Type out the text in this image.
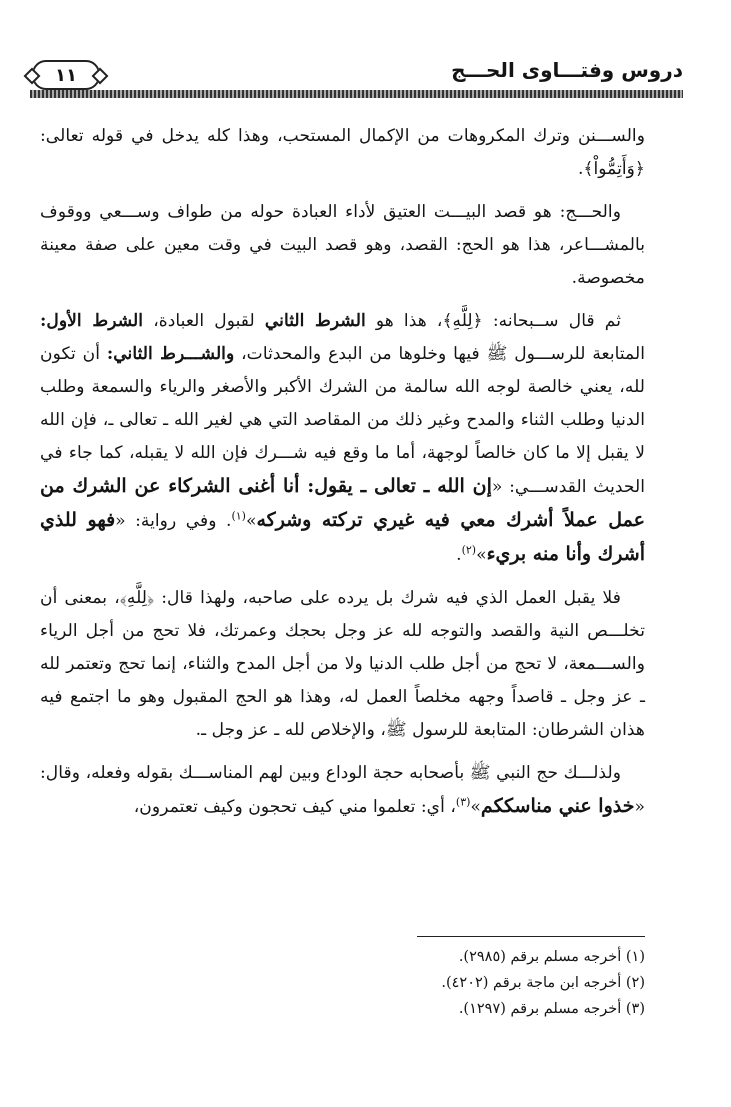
دروس وفتـــاوى الحـــج
١١

والســـنن وترك المكروهات من الإكمال المستحب، وهذا كله يدخل في قوله تعالى: ﴿وَأَتِمُّواْ﴾.

والحـــج: هو قصد البيـــت العتيق لأداء العبادة حوله من طواف وســـعي ووقوف بالمشـــاعر، هذا هو الحج: القصد، وهو قصد البيت في وقت معين على صفة معينة مخصوصة.

ثم قال ســبحانه: ﴿لِلَّهِ﴾، هذا هو الشرط الثاني لقبول العبادة، الشرط الأول: المتابعة للرســـول ﷺ فيها وخلوها من البدع والمحدثات، والشـــرط الثاني: أن تكون لله، يعني خالصة لوجه الله سالمة من الشرك الأكبر والأصغر والرياء والسمعة وطلب الدنيا وطلب الثناء والمدح وغير ذلك من المقاصد التي هي لغير الله ـ تعالى ـ، فإن الله لا يقبل إلا ما كان خالصاً لوجهة، أما ما وقع فيه شـــرك فإن الله لا يقبله، كما جاء في الحديث القدســـي: «إن الله ـ تعالى ـ يقول: أنا أغنى الشركاء عن الشرك من عمل عملاً أشرك معي فيه غيري تركته وشركه»$^{(١)}$. وفي رواية: «فهو للذي أشرك وأنا منه بريء»$^{(٢)}$.

فلا يقبل العمل الذي فيه شرك بل يرده على صاحبه، ولهذا قال: ﴿لِلَّهِ﴾، بمعنى أن تخلـــص النية والقصد والتوجه لله عز وجل بحجك وعمرتك، فلا تحج من أجل الرياء والســـمعة، لا تحج من أجل طلب الدنيا ولا من أجل المدح والثناء، إنما تحج وتعتمر لله ـ عز وجل ـ قاصداً وجهه مخلصاً العمل له، وهذا هو الحج المقبول وهو ما اجتمع فيه هذان الشرطان: المتابعة للرسول ﷺ، والإخلاص لله ـ عز وجل ـ.

ولذلـــك حج النبي ﷺ بأصحابه حجة الوداع وبين لهم المناســـك بقوله وفعله، وقال: «خذوا عني مناسككم»$^{(٣)}$، أي: تعلموا مني كيف تحجون وكيف تعتمرون،

(١) أخرجه مسلم برقم (٢٩٨٥).

(٢) أخرجه ابن ماجة برقم (٤٢٠٢).

(٣) أخرجه مسلم برقم (١٢٩٧).
